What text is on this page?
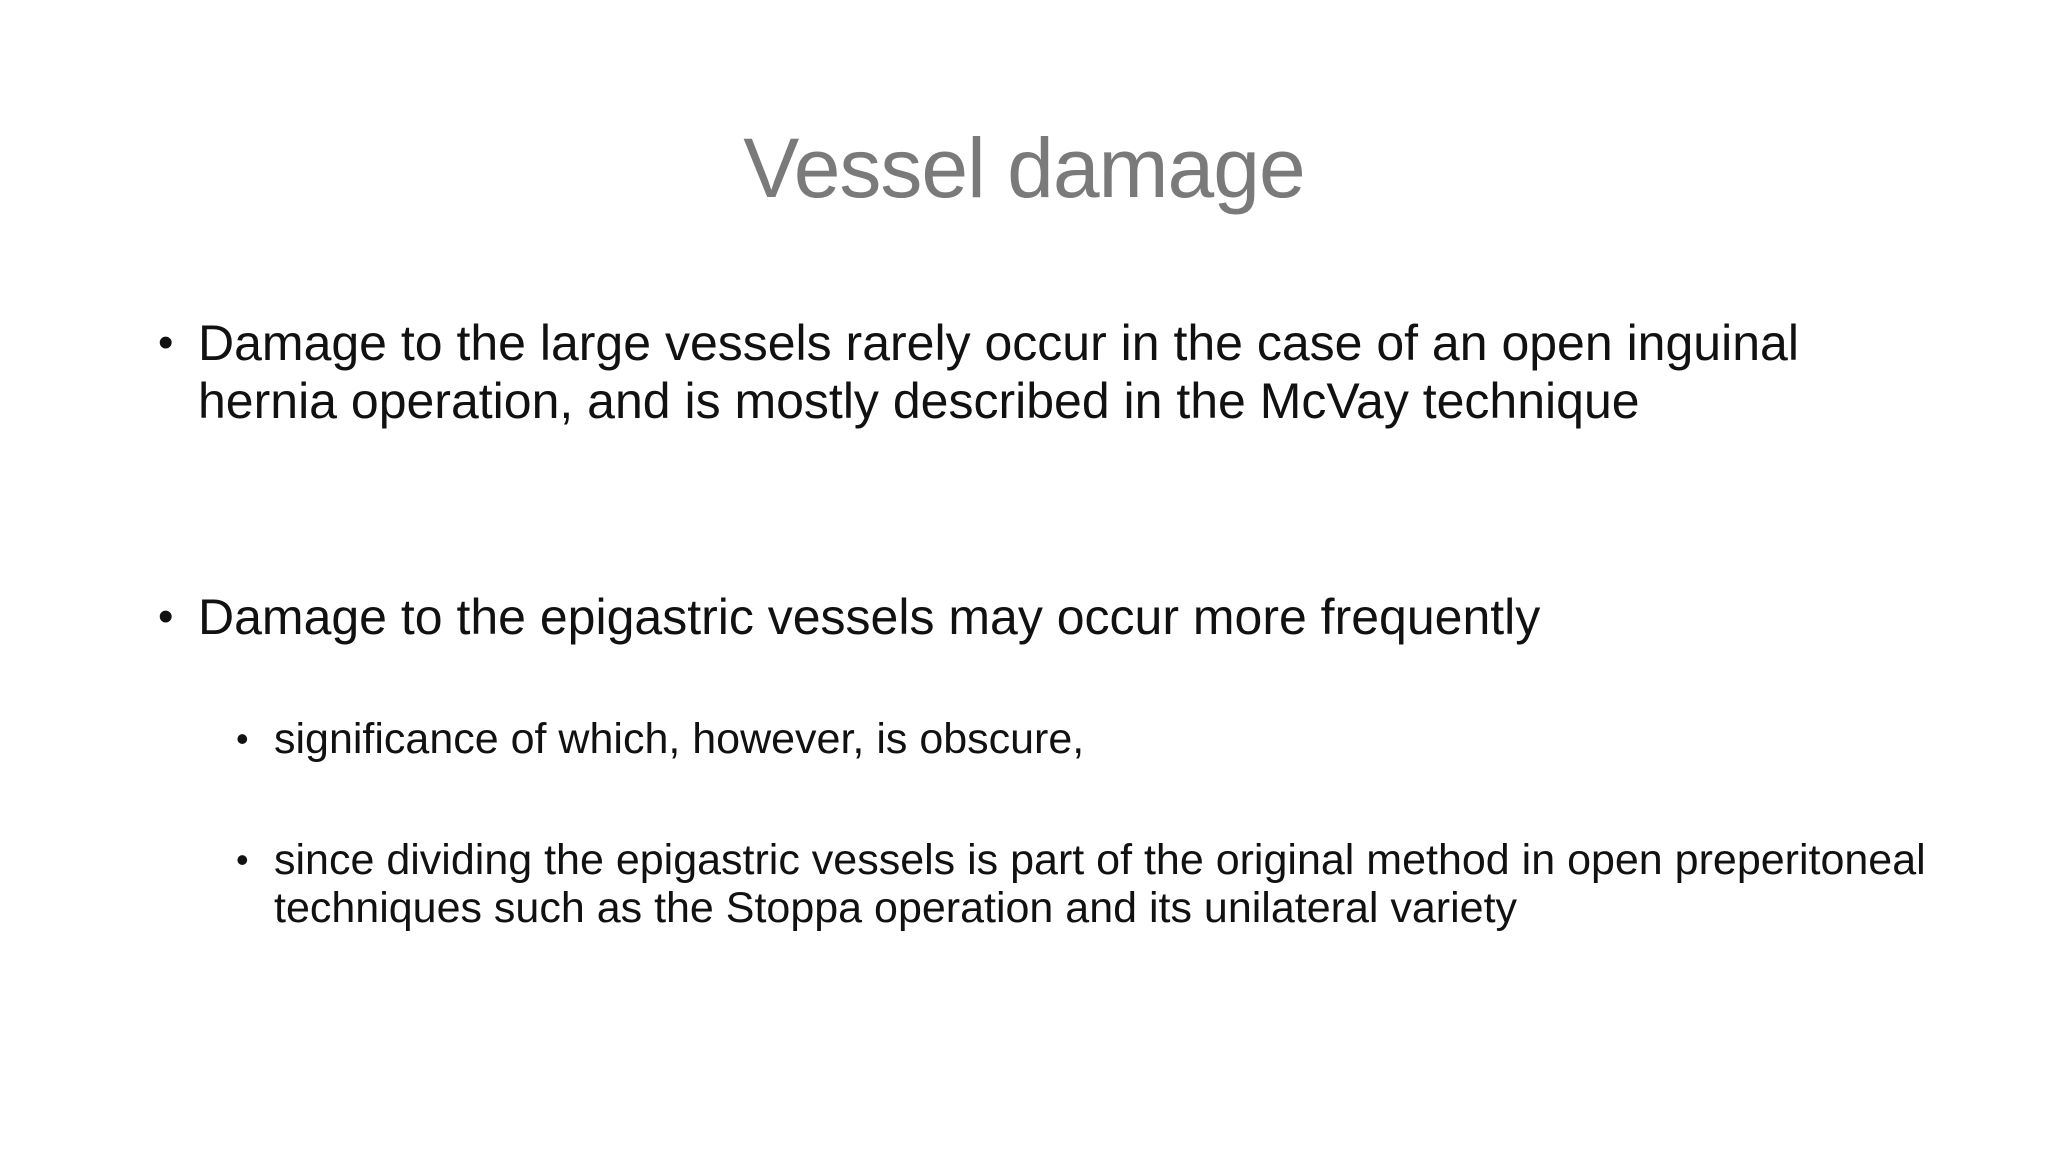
Vessel damage
• Damage to the large vessels rarely occur in the case of an open inguinal hernia operation, and is mostly described in the McVay technique
• Damage to the epigastric vessels may occur more frequently
• significance of which, however, is obscure,
• since dividing the epigastric vessels is part of the original method in open preperitoneal techniques such as the Stoppa operation and its unilateral variety
